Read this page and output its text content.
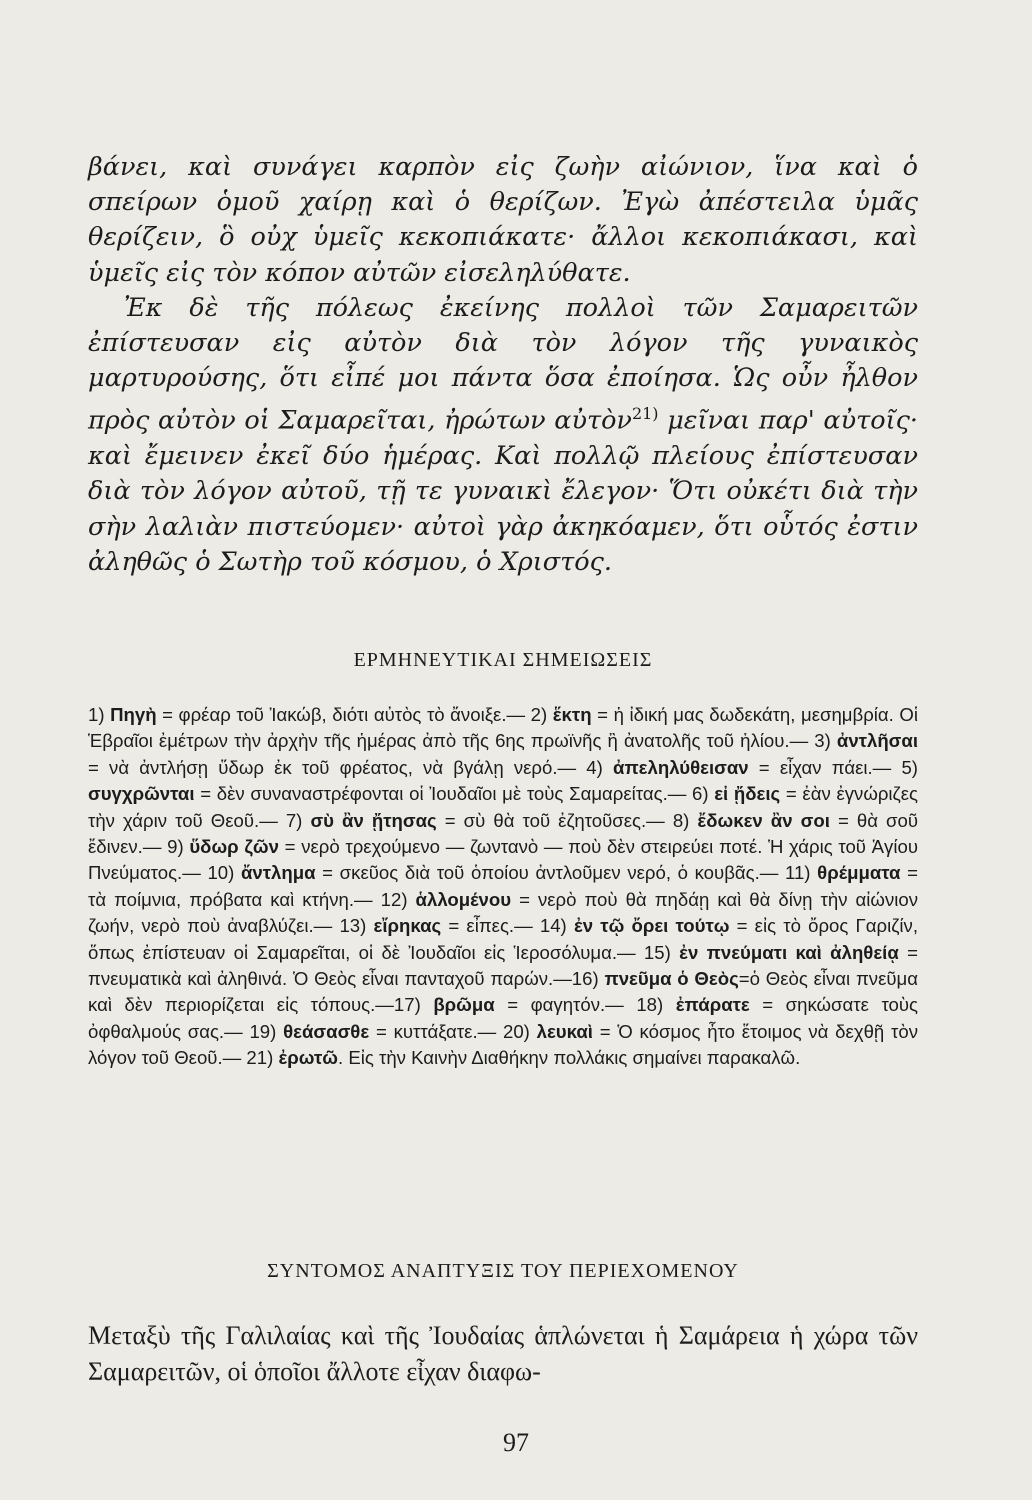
βάνει, καὶ συνάγει καρπὸν εἰς ζωὴν αἰώνιον, ἵνα καὶ ὁ σπείρων ὁμοῦ χαίρῃ καὶ ὁ θερίζων. Ἐγὼ ἀπέστειλα ὑμᾶς θερίζειν, ὃ οὐχ ὑμεῖς κεκοπιάκατε· ἄλλοι κεκοπιάκασι, καὶ ὑμεῖς εἰς τὸν κόπον αὐτῶν εἰσεληλύθατε.

Ἐκ δὲ τῆς πόλεως ἐκείνης πολλοὶ τῶν Σαμαρειτῶν ἐπίστευσαν εἰς αὐτὸν διὰ τὸν λόγον τῆς γυναικὸς μαρτυρούσης, ὅτι εἶπέ μοι πάντα ὅσα ἐποίησα. Ὡς οὖν ἦλθον πρὸς αὐτὸν οἱ Σαμαρεῖται, ἠρώτων αὐτὸν$^{21)}$ μεῖναι παρ' αὐτοῖς· καὶ ἔμεινεν ἐκεῖ δύο ἡμέρας. Καὶ πολλῷ πλείους ἐπίστευσαν διὰ τὸν λόγον αὐτοῦ, τῇ τε γυναικὶ ἔλεγον· Ὅτι οὐκέτι διὰ τὴν σὴν λαλιὰν πιστεύομεν· αὐτοὶ γὰρ ἀκηκόαμεν, ὅτι οὗτός ἐστιν ἀληθῶς ὁ Σωτὴρ τοῦ κόσμου, ὁ Χριστός.

ΕΡΜΗΝΕΥΤΙΚΑΙ ΣΗΜΕΙΩΣΕΙΣ

1) Πηγὴ = φρέαρ τοῦ Ἰακώβ, διότι αὐτὸς τὸ ἄνοιξε.— 2) ἕκτη = ἡ ἰδική μας δωδεκάτη, μεσημβρία. Οἱ Ἑβραῖοι ἐμέτρων τὴν ἀρχὴν τῆς ἡμέρας ἀπὸ τῆς 6ης πρωϊνῆς ἢ ἀνατολῆς τοῦ ἡλίου.— 3) ἀντλῆσαι = νὰ ἀντλήσῃ ὕδωρ ἐκ τοῦ φρέατος, νὰ βγάλῃ νερό.— 4) ἀπεληλύθεισαν = εἶχαν πάει.— 5) συγχρῶνται = δὲν συναναστρέφονται οἱ Ἰουδαῖοι μὲ τοὺς Σαμαρείτας.— 6) εἰ ᾔδεις = ἐὰν ἐγνώριζες τὴν χάριν τοῦ Θεοῦ.— 7) σὺ ἂν ᾔτησας = σὺ θὰ τοῦ ἐζητοῦσες.— 8) ἔδωκεν ἂν σοι = θὰ σοῦ ἔδινεν.— 9) ὕδωρ ζῶν = νερὸ τρεχούμενο — ζωντανὸ — ποὺ δὲν στειρεύει ποτέ. Ἡ χάρις τοῦ Ἁγίου Πνεύματος.— 10) ἄντλημα = σκεῦος διὰ τοῦ ὁποίου ἀντλοῦμεν νερό, ὁ κουβᾶς.— 11) θρέμματα = τὰ ποίμνια, πρόβατα καὶ κτήνη.— 12) ἁλλομένου = νερὸ ποὺ θὰ πηδάῃ καὶ θὰ δίνῃ τὴν αἰώνιον ζωήν, νερὸ ποὺ ἀναβλύζει.— 13) εἴρηκας = εἶπες.— 14) ἐν τῷ ὄρει τούτῳ = εἰς τὸ ὄρος Γαριζίν, ὅπως ἐπίστευαν οἱ Σαμαρεῖται, οἱ δὲ Ἰουδαῖοι εἰς Ἱεροσόλυμα.— 15) ἐν πνεύματι καὶ ἀληθείᾳ = πνευματικὰ καὶ ἀληθινά. Ὁ Θεὸς εἶναι πανταχοῦ παρών.—16) πνεῦμα ὁ Θεὸς=ὁ Θεὸς εἶναι πνεῦμα καὶ δὲν περιορίζεται εἰς τόπους.—17) βρῶμα = φαγητόν.— 18) ἐπάρατε = σηκώσατε τοὺς ὀφθαλμούς σας.— 19) θεάσασθε = κυττάξατε.— 20) λευκαὶ = Ὁ κόσμος ἦτο ἕτοιμος νὰ δεχθῇ τὸν λόγον τοῦ Θεοῦ.— 21) ἐρωτῶ. Εἰς τὴν Καινὴν Διαθήκην πολλάκις σημαίνει παρακαλῶ.

ΣΥΝΤΟΜΟΣ ΑΝΑΠΤΥΞΙΣ ΤΟΥ ΠΕΡΙΕΧΟΜΕΝΟΥ

Μεταξὺ τῆς Γαλιλαίας καὶ τῆς Ἰουδαίας ἁπλώνεται ἡ Σαμάρεια ἡ χώρα τῶν Σαμαρειτῶν, οἱ ὁποῖοι ἄλλοτε εἶχαν διαφω-

97
